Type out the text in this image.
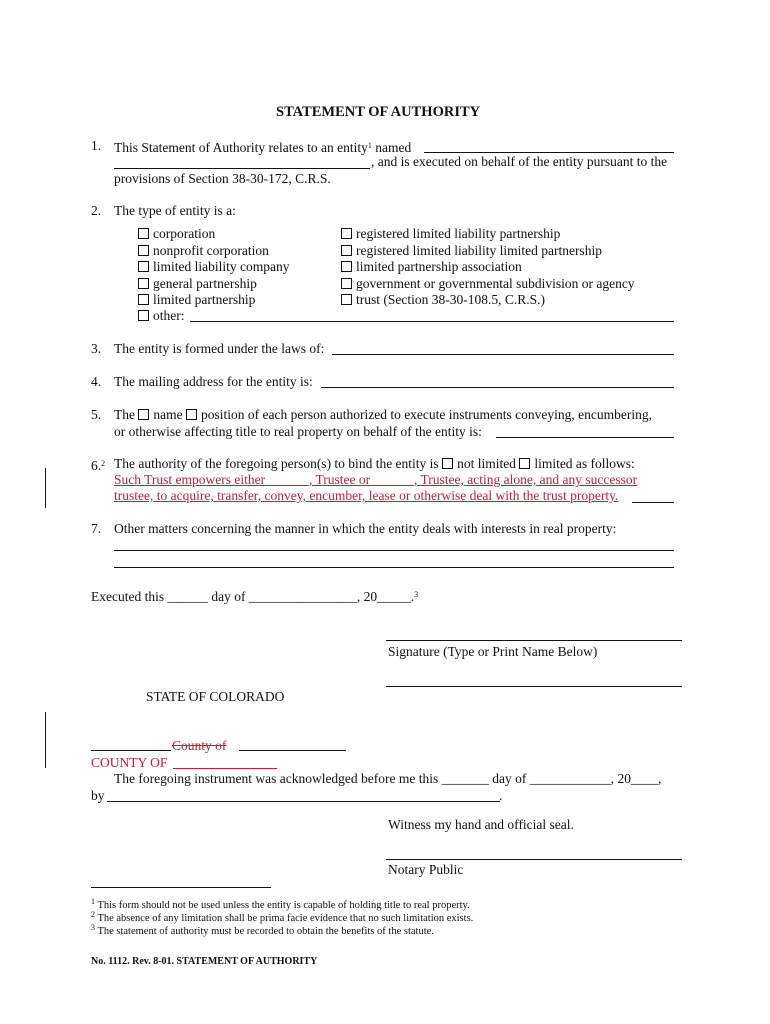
STATEMENT OF AUTHORITY
1. This Statement of Authority relates to an entity$^1$ named
, and is executed on behalf of the entity pursuant to the
provisions of Section 38-30-172, C.R.S.
2. The type of entity is a:
corporation
nonprofit corporation
limited liability company
general partnership
limited partnership
other:
registered limited liability partnership
registered limited liability limited partnership
limited partnership association
government or governmental subdivision or agency
trust (Section 38-30-108.5, C.R.S.)
3. The entity is formed under the laws of:
4. The mailing address for the entity is:
5. The name position of each person authorized to execute instruments conveying, encumbering,
or otherwise affecting title to real property on behalf of the entity is:
6.$^2$ The authority of the foregoing person(s) to bind the entity is not limited limited as follows:
Such Trust empowers either ______, Trustee or ______, Trustee, acting alone, and any successor
trustee, to acquire, transfer, convey, encumber, lease or otherwise deal with the trust property.
7. Other matters concerning the manner in which the entity deals with interests in real property:
Executed this ______ day of ________________, 20_____.$^3$
Signature (Type or Print Name Below)
STATE OF COLORADO
County of
COUNTY OF
The foregoing instrument was acknowledged before me this _______ day of ____________, 20____,
by	.
Witness my hand and official seal.
Notary Public
$^1$ This form should not be used unless the entity is capable of holding title to real property.
$^2$ The absence of any limitation shall be prima facie evidence that no such limitation exists.
$^3$ The statement of authority must be recorded to obtain the benefits of the statute.
No. 1112. Rev. 8-01. STATEMENT OF AUTHORITY
